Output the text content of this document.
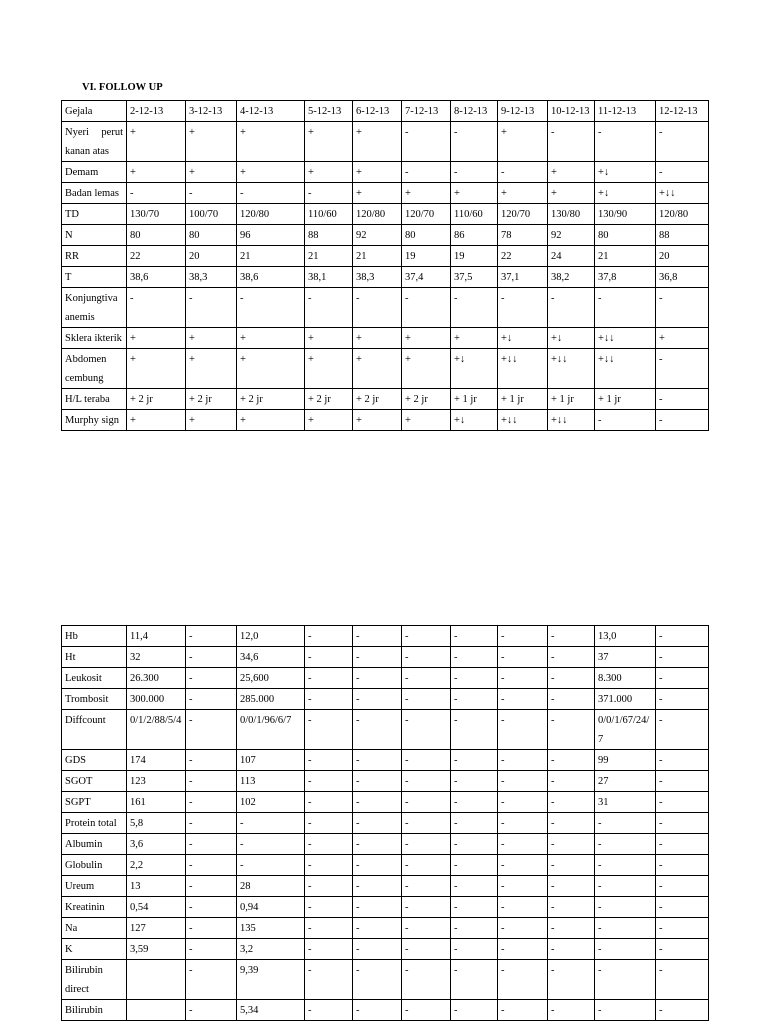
VI. FOLLOW UP
Gejala	2-12-13	3-12-13	4-12-13	5-12-13	6-12-13	7-12-13	8-12-13	9-12-13	10-12-13	11-12-13	12-12-13
Nyeri perut kanan atas	+	+	+	+	+	-	-	+	-	-	-
Demam	+	+	+	+	+	-	-	-	+	+↓	-
Badan lemas	-	-	-	-	+	+	+	+	+	+↓	+↓↓
TD	130/70	100/70	120/80	110/60	120/80	120/70	110/60	120/70	130/80	130/90	120/80
N	80	80	96	88	92	80	86	78	92	80	88
RR	22	20	21	21	21	19	19	22	24	21	20
T	38,6	38,3	38,6	38,1	38,3	37,4	37,5	37,1	38,2	37,8	36,8
Konjungtiva anemis	-	-	-	-	-	-	-	-	-	-	-
Sklera ikterik	+	+	+	+	+	+	+	+↓	+↓	+↓↓	+
Abdomen cembung	+	+	+	+	+	+	+↓	+↓↓	+↓↓	+↓↓	-
H/L teraba	+ 2 jr	+ 2 jr	+ 2 jr	+ 2 jr	+ 2 jr	+ 2 jr	+ 1 jr	+ 1 jr	+ 1 jr	+ 1 jr	-
Murphy sign	+	+	+	+	+	+	+↓	+↓↓	+↓↓	-	-
Hb	11,4	-	12,0	-	-	-	-	-	-	13,0	-
Ht	32	-	34,6	-	-	-	-	-	-	37	-
Leukosit	26.300	-	25,600	-	-	-	-	-	-	8.300	-
Trombosit	300.000	-	285.000	-	-	-	-	-	-	371.000	-
Diffcount	0/1/2/88/5/4	-	0/0/1/96/6/7	-	-	-	-	-	-	0/0/1/67/24/7	-
GDS	174	-	107	-	-	-	-	-	-	99	-
SGOT	123	-	113	-	-	-	-	-	-	27	-
SGPT	161	-	102	-	-	-	-	-	-	31	-
Protein total	5,8	-	-	-	-	-	-	-	-	-	-
Albumin	3,6	-	-	-	-	-	-	-	-	-	-
Globulin	2,2	-	-	-	-	-	-	-	-	-	-
Ureum	13	-	28	-	-	-	-	-	-	-	-
Kreatinin	0,54	-	0,94	-	-	-	-	-	-	-	-
Na	127	-	135	-	-	-	-	-	-	-	-
K	3,59	-	3,2	-	-	-	-	-	-	-	-
Bilirubin direct		-	9,39	-	-	-	-	-	-	-	-
Bilirubin		-	5,34	-	-	-	-	-	-	-	-
